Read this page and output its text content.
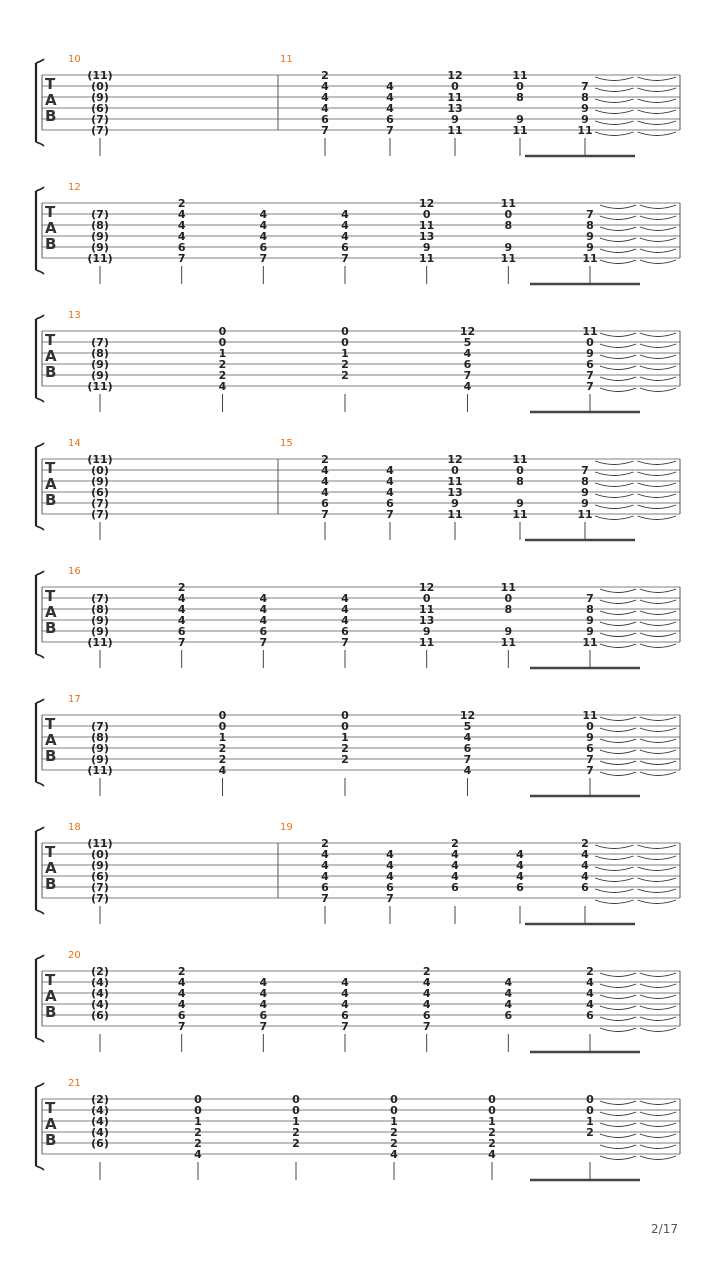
T
A
B
10
(11)
(0)
(9)
(6)
(7)
(7)
11
2
4
4
4
6
7
4
4
4
6
7
12
0
11
13
9
11
11
0
8
9
11
7
8
9
9
11
T
A
B
12
(7)
(8)
(9)
(9)
(11)
2
4
4
4
6
7
4
4
4
6
7
4
4
4
6
7
12
0
11
13
9
11
11
0
8
9
11
7
8
9
9
11
T
A
B
13
(7)
(8)
(9)
(9)
(11)
0
0
1
2
2
4
0
0
1
2
2
12
5
4
6
7
4
11
0
9
6
7
7
T
A
B
14
(11)
(0)
(9)
(6)
(7)
(7)
15
2
4
4
4
6
7
4
4
4
6
7
12
0
11
13
9
11
11
0
8
9
11
7
8
9
9
11
T
A
B
16
(7)
(8)
(9)
(9)
(11)
2
4
4
4
6
7
4
4
4
6
7
4
4
4
6
7
12
0
11
13
9
11
11
0
8
9
11
7
8
9
9
11
T
A
B
17
(7)
(8)
(9)
(9)
(11)
0
0
1
2
2
4
0
0
1
2
2
12
5
4
6
7
4
11
0
9
6
7
7
T
A
B
18
(11)
(0)
(9)
(6)
(7)
(7)
19
2
4
4
4
6
7
4
4
4
6
7
2
4
4
4
6
4
4
4
6
2
4
4
4
6
T
A
B
20
(2)
(4)
(4)
(4)
(6)
2
4
4
4
6
7
4
4
4
6
7
4
4
4
6
7
2
4
4
4
6
7
4
4
4
6
2
4
4
4
6
T
A
B
21
(2)
(4)
(4)
(4)
(6)
0
0
1
2
2
4
0
0
1
2
2
0
0
1
2
2
4
0
0
1
2
2
4
0
0
1
2
2/17
